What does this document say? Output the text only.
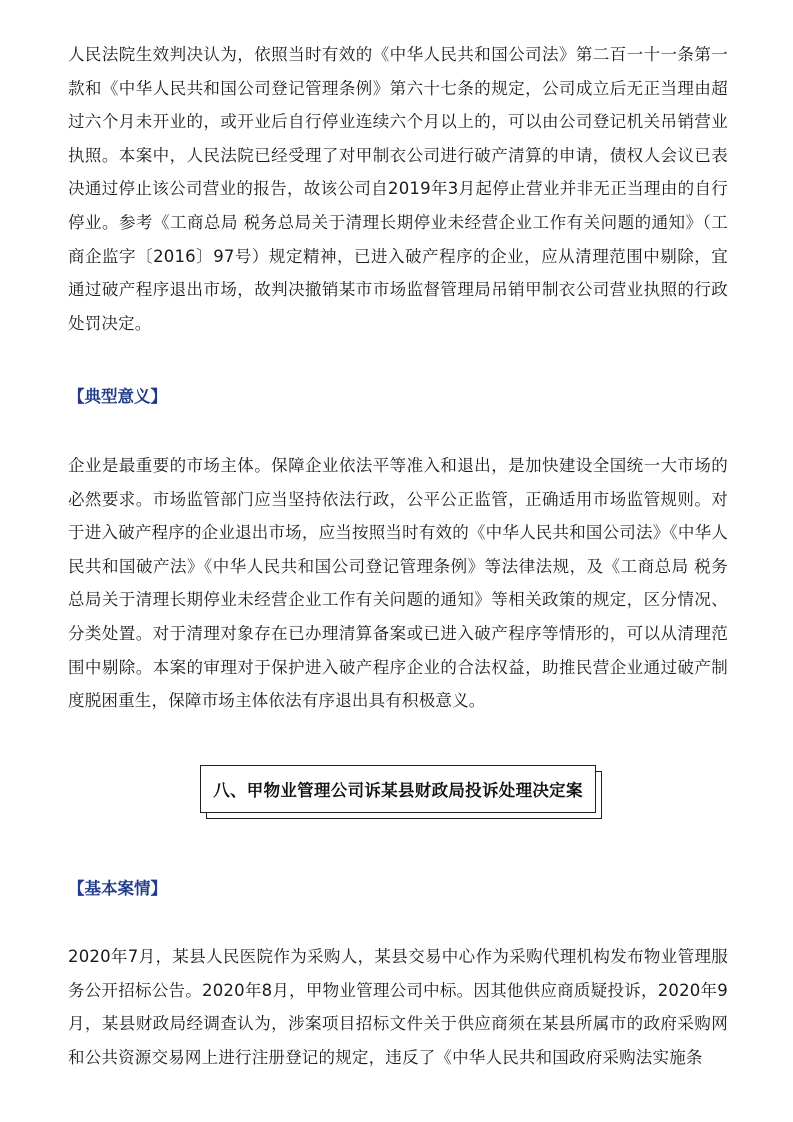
人民法院生效判决认为，依照当时有效的《中华人民共和国公司法》第二百一十一条第一款和《中华人民共和国公司登记管理条例》第六十七条的规定，公司成立后无正当理由超过六个月未开业的，或开业后自行停业连续六个月以上的，可以由公司登记机关吊销营业执照。本案中，人民法院已经受理了对甲制衣公司进行破产清算的申请，债权人会议已表决通过停止该公司营业的报告，故该公司自2019年3月起停止营业并非无正当理由的自行停业。参考《工商总局 税务总局关于清理长期停业未经营企业工作有关问题的通知》（工商企监字〔2016〕97号）规定精神，已进入破产程序的企业，应从清理范围中剔除，宜通过破产程序退出市场，故判决撤销某市市场监督管理局吊销甲制衣公司营业执照的行政处罚决定。

【典型意义】

企业是最重要的市场主体。保障企业依法平等准入和退出，是加快建设全国统一大市场的必然要求。市场监管部门应当坚持依法行政，公平公正监管，正确适用市场监管规则。对于进入破产程序的企业退出市场，应当按照当时有效的《中华人民共和国公司法》《中华人民共和国破产法》《中华人民共和国公司登记管理条例》等法律法规，及《工商总局 税务总局关于清理长期停业未经营企业工作有关问题的通知》等相关政策的规定，区分情况、分类处置。对于清理对象存在已办理清算备案或已进入破产程序等情形的，可以从清理范围中剔除。本案的审理对于保护进入破产程序企业的合法权益，助推民营企业通过破产制度脱困重生，保障市场主体依法有序退出具有积极意义。

八、甲物业管理公司诉某县财政局投诉处理决定案
【基本案情】

2020年7月，某县人民医院作为采购人，某县交易中心作为采购代理机构发布物业管理服务公开招标公告。2020年8月，甲物业管理公司中标。因其他供应商质疑投诉，2020年9月，某县财政局经调查认为，涉案项目招标文件关于供应商须在某县所属市的政府采购网和公共资源交易网上进行注册登记的规定，违反了《中华人民共和国政府采购法实施条
